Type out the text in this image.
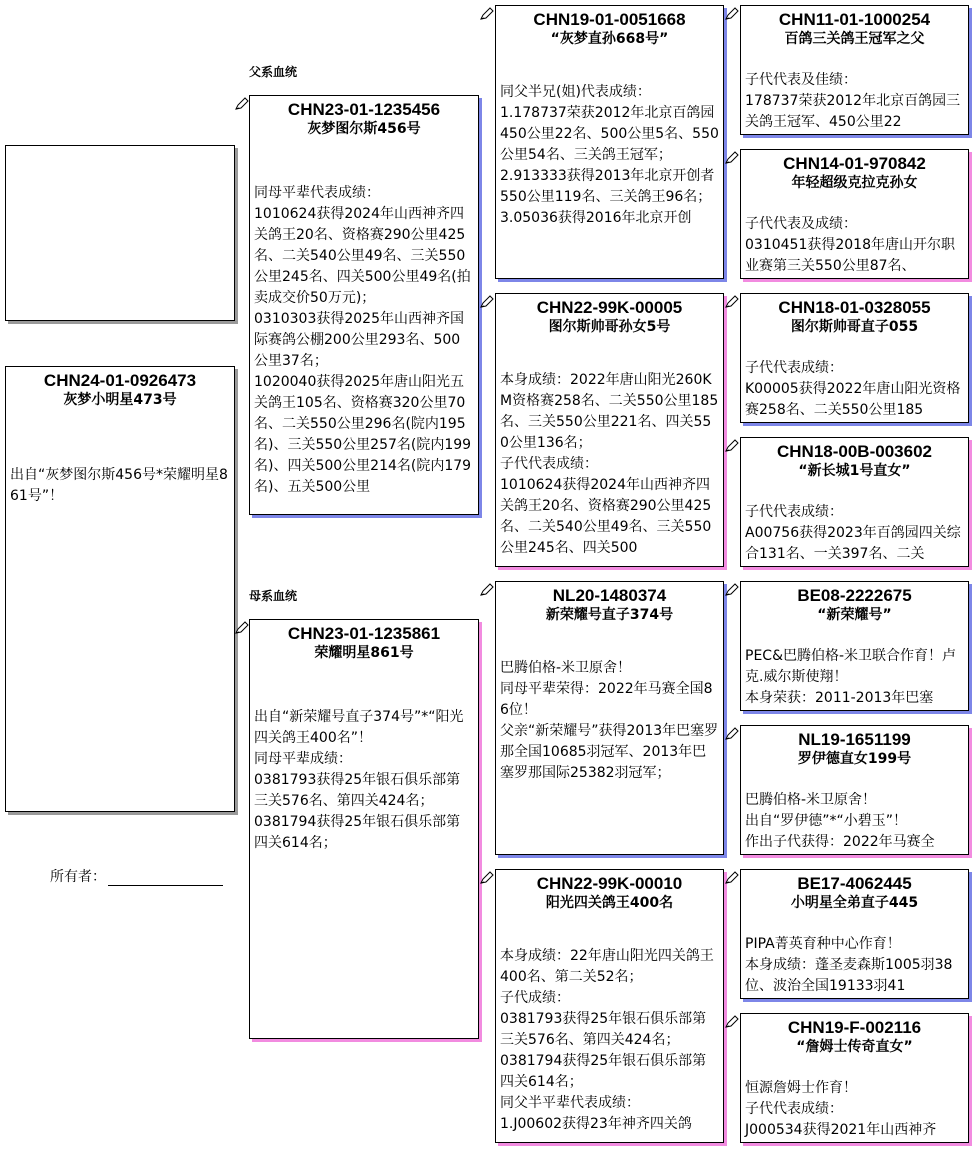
父系血统
母系血统
CHN24-01-0926473
灰梦小明星473号
出自“灰梦图尔斯456号*荣耀明星861号”！
所有者：
CHN23-01-1235456
灰梦图尔斯456号
同母平辈代表成绩：
1010624获得2024年山西神齐四关鸽王20名、资格赛290公里425名、二关540公里49名、三关550公里245名、四关500公里49名(拍卖成交价50万元)；
0310303获得2025年山西神齐国际赛鸽公棚200公里293名、500公里37名；
1020040获得2025年唐山阳光五关鸽王105名、资格赛320公里70名、二关550公里296名(院内195名)、三关550公里257名(院内199名)、四关500公里214名(院内179名)、五关500公里
CHN23-01-1235861
荣耀明星861号
出自“新荣耀号直子374号”*“阳光四关鸽王400名”！
同母平辈成绩：
0381793获得25年银石俱乐部第三关576名、第四关424名；
0381794获得25年银石俱乐部第四关614名；
CHN19-01-0051668
“灰梦直孙668号”
同父半兄(姐)代表成绩：
1.178737荣获2012年北京百鸽园450公里22名、500公里5名、550公里54名、三关鸽王冠军；
2.913333获得2013年北京开创者550公里119名、三关鸽王96名；
3.05036获得2016年北京开创
CHN22-99K-00005
图尔斯帅哥孙女5号
本身成绩：2022年唐山阳光260KM资格赛258名、二关550公里185名、三关550公里221名、四关550公里136名；
子代代表成绩：
1010624获得2024年山西神齐四关鸽王20名、资格赛290公里425名、二关540公里49名、三关550公里245名、四关500
NL20-1480374
新荣耀号直子374号
巴腾伯格-米卫原舍！
同母平辈荣得：2022年马赛全国86位！
父亲“新荣耀号”获得2013年巴塞罗那全国10685羽冠军、2013年巴塞罗那国际25382羽冠军；
CHN22-99K-00010
阳光四关鸽王400名
本身成绩：22年唐山阳光四关鸽王400名、第二关52名；
子代成绩：
0381793获得25年银石俱乐部第三关576名、第四关424名；
0381794获得25年银石俱乐部第四关614名；
同父半平辈代表成绩：
1.J00602获得23年神齐四关鸽
CHN11-01-1000254
百鸽三关鸽王冠军之父
子代代表及佳绩：
178737荣获2012年北京百鸽园三关鸽王冠军、450公里22
CHN14-01-970842
年轻超级克拉克孙女
子代代表及成绩：
0310451获得2018年唐山开尔职业赛第三关550公里87名、
CHN18-01-0328055
图尔斯帅哥直子055
子代代表成绩：
K00005获得2022年唐山阳光资格赛258名、二关550公里185
CHN18-00B-003602
“新长城1号直女”
子代代表成绩：
A00756获得2023年百鸽园四关综合131名、一关397名、二关
BE08-2222675
“新荣耀号”
PEC&巴腾伯格-米卫联合作育！卢克.威尔斯使翔！
本身荣获：2011-2013年巴塞
NL19-1651199
罗伊德直女199号
巴腾伯格-米卫原舍！
出自“罗伊德”*“小碧玉”！
作出子代获得：2022年马赛全
BE17-4062445
小明星全弟直子445
PIPA菁英育种中心作育！
本身成绩：蓬圣麦森斯1005羽38位、波治全国19133羽41
CHN19-F-002116
“詹姆士传奇直女”
恒源詹姆士作育！
子代代表成绩：
J000534获得2021年山西神齐
